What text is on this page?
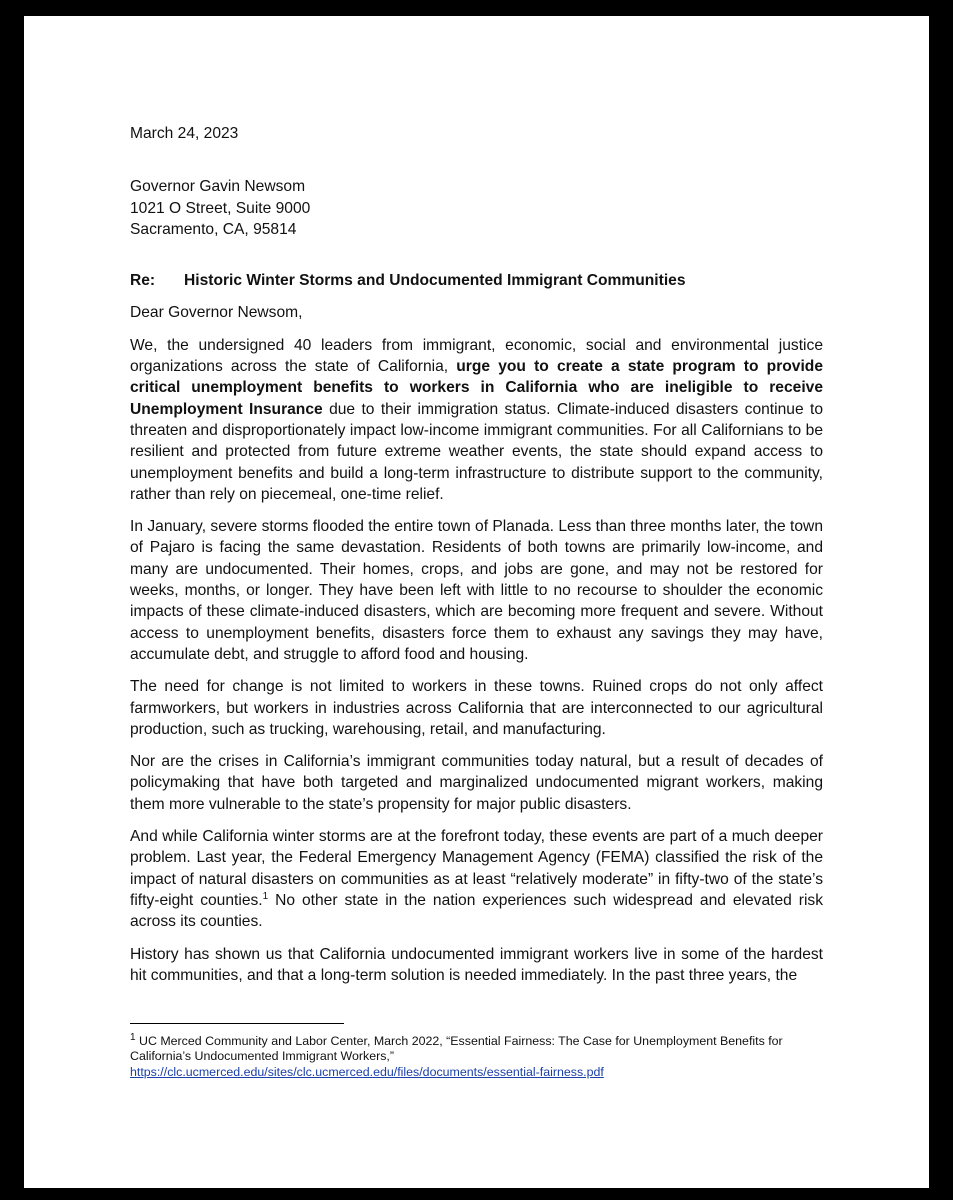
March 24, 2023
Governor Gavin Newsom
1021 O Street, Suite 9000
Sacramento, CA, 95814
Re:	Historic Winter Storms and Undocumented Immigrant Communities
Dear Governor Newsom,

We, the undersigned 40 leaders from immigrant, economic, social and environmental justice organizations across the state of California, urge you to create a state program to provide critical unemployment benefits to workers in California who are ineligible to receive Unemployment Insurance due to their immigration status. Climate-induced disasters continue to threaten and disproportionately impact low-income immigrant communities. For all Californians to be resilient and protected from future extreme weather events, the state should expand access to unemployment benefits and build a long-term infrastructure to distribute support to the community, rather than rely on piecemeal, one-time relief.

In January, severe storms flooded the entire town of Planada. Less than three months later, the town of Pajaro is facing the same devastation. Residents of both towns are primarily low-income, and many are undocumented. Their homes, crops, and jobs are gone, and may not be restored for weeks, months, or longer. They have been left with little to no recourse to shoulder the economic impacts of these climate-induced disasters, which are becoming more frequent and severe. Without access to unemployment benefits, disasters force them to exhaust any savings they may have, accumulate debt, and struggle to afford food and housing.

The need for change is not limited to workers in these towns. Ruined crops do not only affect farmworkers, but workers in industries across California that are interconnected to our agricultural production, such as trucking, warehousing, retail, and manufacturing.

Nor are the crises in California’s immigrant communities today natural, but a result of decades of policymaking that have both targeted and marginalized undocumented migrant workers, making them more vulnerable to the state’s propensity for major public disasters.

And while California winter storms are at the forefront today, these events are part of a much deeper problem. Last year, the Federal Emergency Management Agency (FEMA) classified the risk of the impact of natural disasters on communities as at least “relatively moderate” in fifty-two of the state’s fifty-eight counties.$^1$ No other state in the nation experiences such widespread and elevated risk across its counties.

History has shown us that California undocumented immigrant workers live in some of the hardest hit communities, and that a long-term solution is needed immediately. In the past three years, the

$^1$ UC Merced Community and Labor Center, March 2022, “Essential Fairness: The Case for Unemployment Benefits for California’s Undocumented Immigrant Workers,”
https://clc.ucmerced.edu/sites/clc.ucmerced.edu/files/documents/essential-fairness.pdf
